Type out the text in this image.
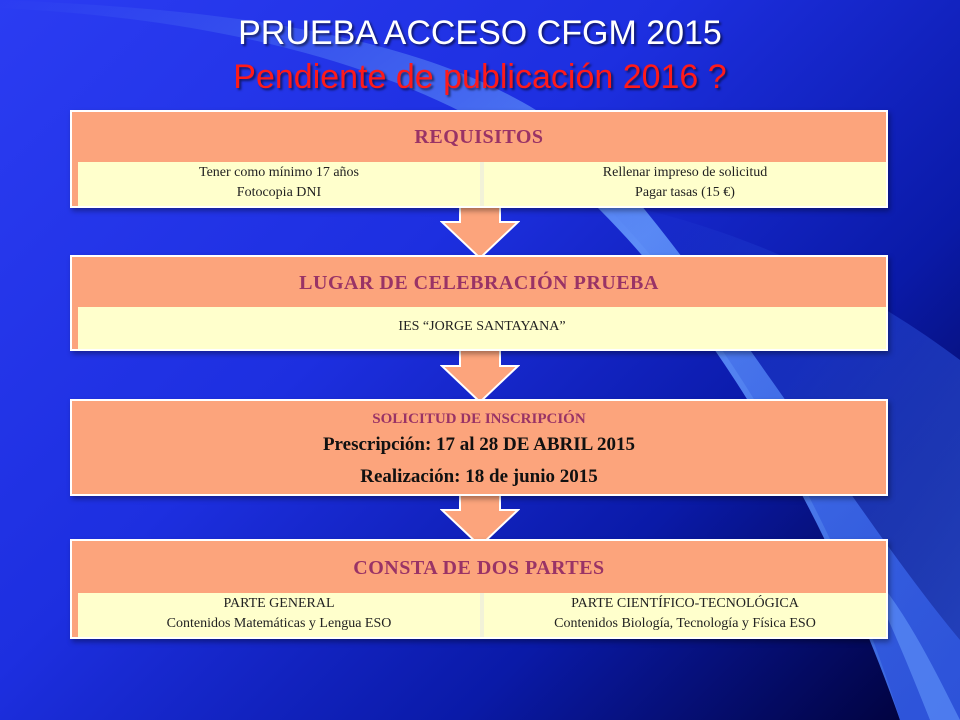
PRUEBA ACCESO CFGM 2015
Pendiente de publicación 2016 ?
REQUISITOS
Tener como mínimo 17 años
Fotocopia DNI
Rellenar impreso de solicitud
Pagar tasas (15 €)
LUGAR DE CELEBRACIÓN PRUEBA
IES “JORGE SANTAYANA”
SOLICITUD DE INSCRIPCIÓN
Prescripción: 17 al 28 DE ABRIL 2015
Realización: 18 de junio 2015
CONSTA DE DOS PARTES
PARTE GENERAL
Contenidos Matemáticas y Lengua ESO
PARTE CIENTÍFICO-TECNOLÓGICA
Contenidos Biología, Tecnología y Física ESO
